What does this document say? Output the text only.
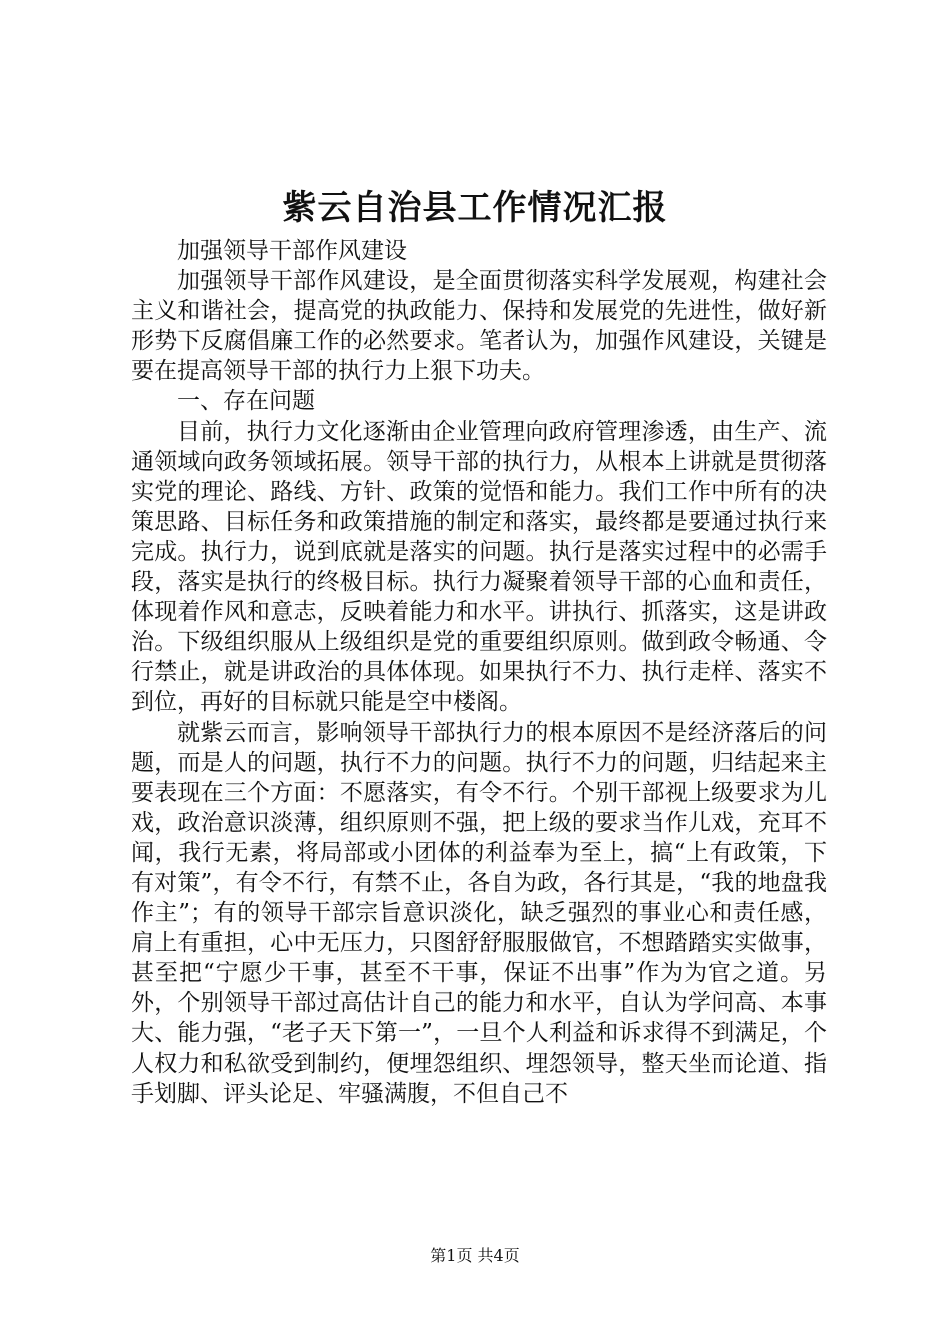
紫云自治县工作情况汇报

加强领导干部作风建设

加强领导干部作风建设，是全面贯彻落实科学发展观，构建社会主义和谐社会，提高党的执政能力、保持和发展党的先进性，做好新形势下反腐倡廉工作的必然要求。笔者认为，加强作风建设，关键是要在提高领导干部的执行力上狠下功夫。

一、存在问题

目前，执行力文化逐渐由企业管理向政府管理渗透，由生产、流通领域向政务领域拓展。领导干部的执行力，从根本上讲就是贯彻落实党的理论、路线、方针、政策的觉悟和能力。我们工作中所有的决策思路、目标任务和政策措施的制定和落实，最终都是要通过执行来完成。执行力，说到底就是落实的问题。执行是落实过程中的必需手段，落实是执行的终极目标。执行力凝聚着领导干部的心血和责任，体现着作风和意志，反映着能力和水平。讲执行、抓落实，这是讲政治。下级组织服从上级组织是党的重要组织原则。做到政令畅通、令行禁止，就是讲政治的具体体现。如果执行不力、执行走样、落实不到位，再好的目标就只能是空中楼阁。

就紫云而言，影响领导干部执行力的根本原因不是经济落后的问题，而是人的问题，执行不力的问题。执行不力的问题，归结起来主要表现在三个方面：不愿落实，有令不行。个别干部视上级要求为儿戏，政治意识淡薄，组织原则不强，把上级的要求当作儿戏，充耳不闻，我行无素，将局部或小团体的利益奉为至上，搞“上有政策，下有对策”，有令不行，有禁不止，各自为政，各行其是，“我的地盘我作主”；有的领导干部宗旨意识淡化，缺乏强烈的事业心和责任感，肩上有重担，心中无压力，只图舒舒服服做官，不想踏踏实实做事，甚至把“宁愿少干事，甚至不干事，保证不出事”作为为官之道。另外，个别领导干部过高估计自己的能力和水平，自认为学问高、本事大、能力强，“老子天下第一”，一旦个人利益和诉求得不到满足，个人权力和私欲受到制约，便埋怨组织、埋怨领导，整天坐而论道、指手划脚、评头论足、牢骚满腹，不但自己不

第1页 共4页
